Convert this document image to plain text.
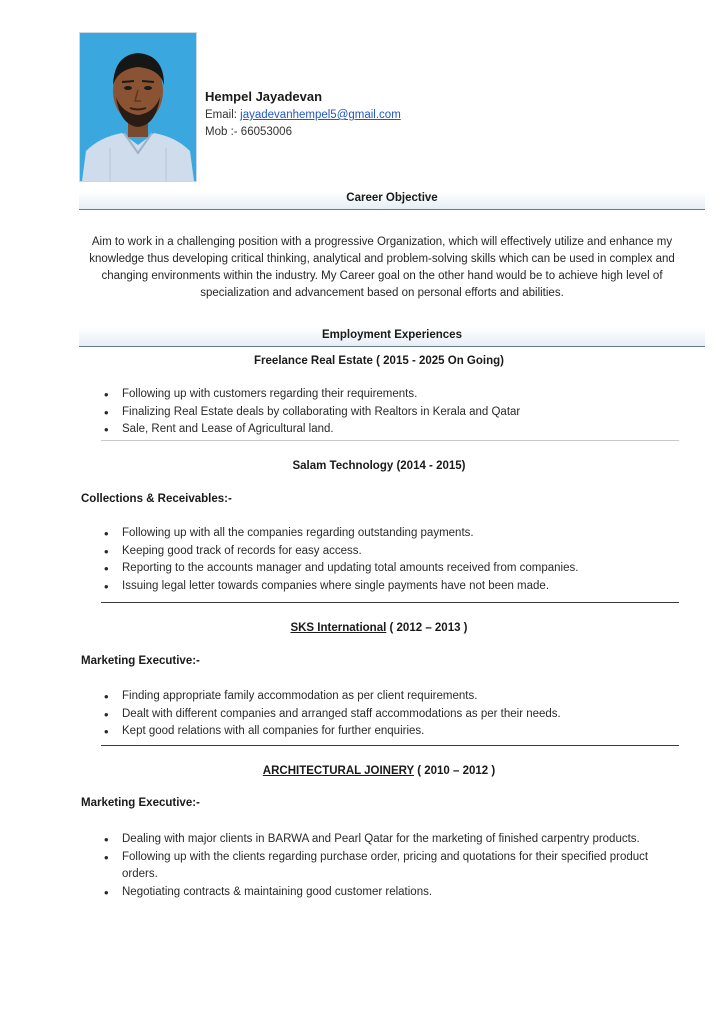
Hempel Jayadevan
Email: jayadevanhempel5@gmail.com
Mob :- 66053006
Career Objective
Aim to work in a challenging position with a progressive Organization, which will effectively utilize and enhance my knowledge thus developing critical thinking, analytical and problem-solving skills which can be used in complex and changing environments within the industry. My Career goal on the other hand would be to achieve high level of specialization and advancement based on personal efforts and abilities.
Employment Experiences
Freelance Real Estate ( 2015 - 2025 On Going)
• Following up with customers regarding their requirements.
• Finalizing Real Estate deals by collaborating with Realtors in Kerala and Qatar
• Sale, Rent and Lease of Agricultural land.
Salam Technology (2014 - 2015)
Collections & Receivables:-
• Following up with all the companies regarding outstanding payments.
• Keeping good track of records for easy access.
• Reporting to the accounts manager and updating total amounts received from companies.
• Issuing legal letter towards companies where single payments have not been made.
SKS International ( 2012 – 2013 )
Marketing Executive:-
• Finding appropriate family accommodation as per client requirements.
• Dealt with different companies and arranged staff accommodations as per their needs.
• Kept good relations with all companies for further enquiries.
ARCHITECTURAL JOINERY ( 2010 – 2012 )
Marketing Executive:-
• Dealing with major clients in BARWA and Pearl Qatar for the marketing of finished carpentry products.
• Following up with the clients regarding purchase order, pricing and quotations for their specified product orders.
• Negotiating contracts & maintaining good customer relations.
